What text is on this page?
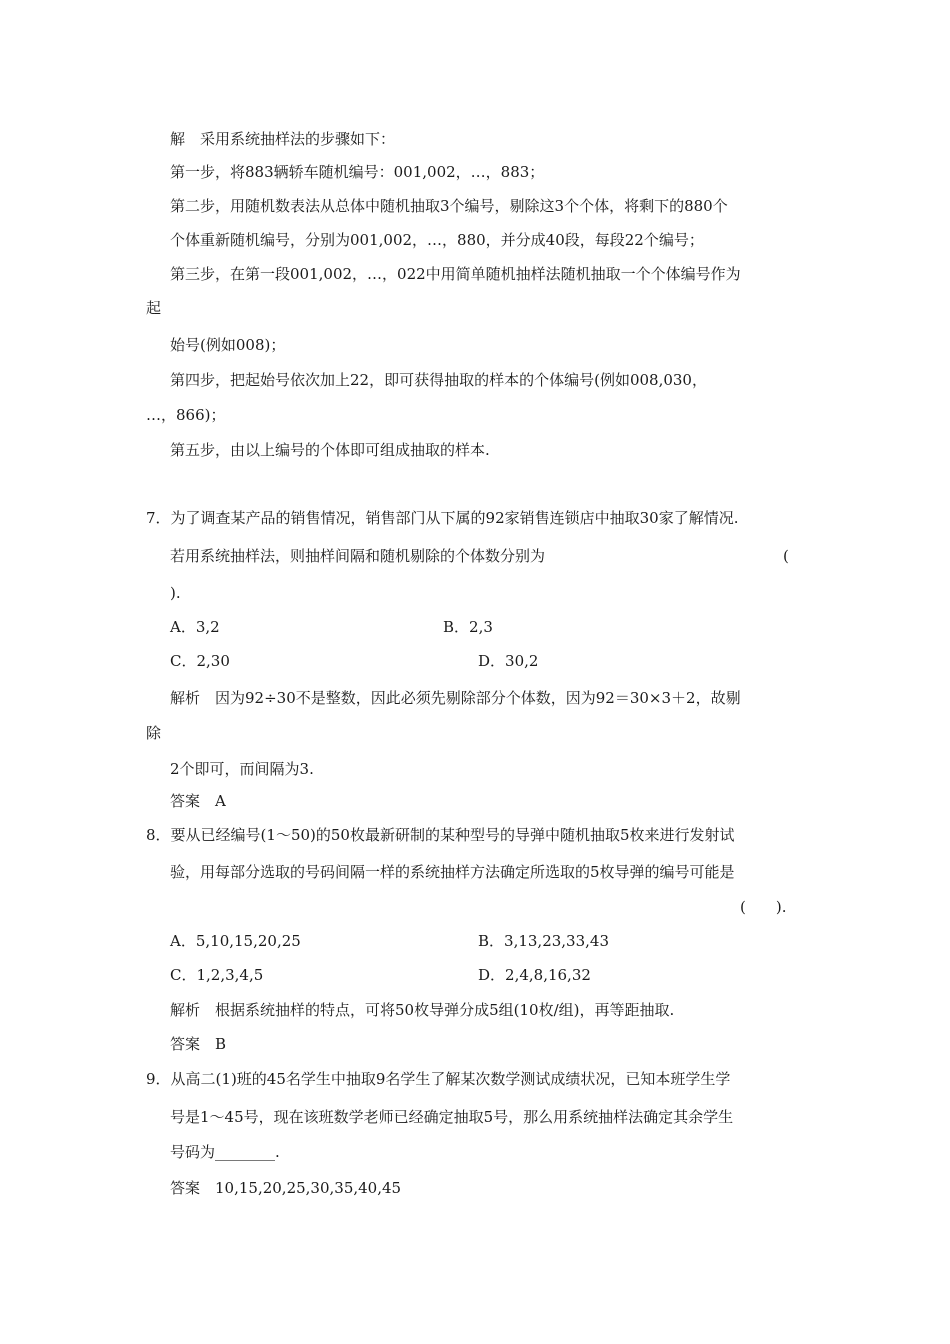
解　采用系统抽样法的步骤如下：
第一步，将883辆轿车随机编号：001,002，…，883；
第二步，用随机数表法从总体中随机抽取3个编号，剔除这3个个体，将剩下的880个
个体重新随机编号，分别为001,002，…，880，并分成40段，每段22个编号；
第三步，在第一段001,002，…，022中用简单随机抽样法随机抽取一个个体编号作为
起
始号(例如008)；
第四步，把起始号依次加上22，即可获得抽取的样本的个体编号(例如008,030，
…，866)；
第五步，由以上编号的个体即可组成抽取的样本.
7．为了调查某产品的销售情况，销售部门从下属的92家销售连锁店中抽取30家了解情况.
若用系统抽样法，则抽样间隔和随机剔除的个体数分别为	(
).
A．3,2	B．2,3
C．2,30	D．30,2
解析　因为92÷30不是整数，因此必须先剔除部分个体数，因为92＝30×3＋2，故剔
除
2个即可，而间隔为3.
答案　A
8．要从已经编号(1～50)的50枚最新研制的某种型号的导弹中随机抽取5枚来进行发射试
验，用每部分选取的号码间隔一样的系统抽样方法确定所选取的5枚导弹的编号可能是
(　　).
A．5,10,15,20,25	B．3,13,23,33,43
C．1,2,3,4,5	D．2,4,8,16,32
解析　根据系统抽样的特点，可将50枚导弹分成5组(10枚/组)，再等距抽取.
答案　B
9．从高二(1)班的45名学生中抽取9名学生了解某次数学测试成绩状况，已知本班学生学
号是1～45号，现在该班数学老师已经确定抽取5号，那么用系统抽样法确定其余学生
号码为________.
答案　10,15,20,25,30,35,40,45
